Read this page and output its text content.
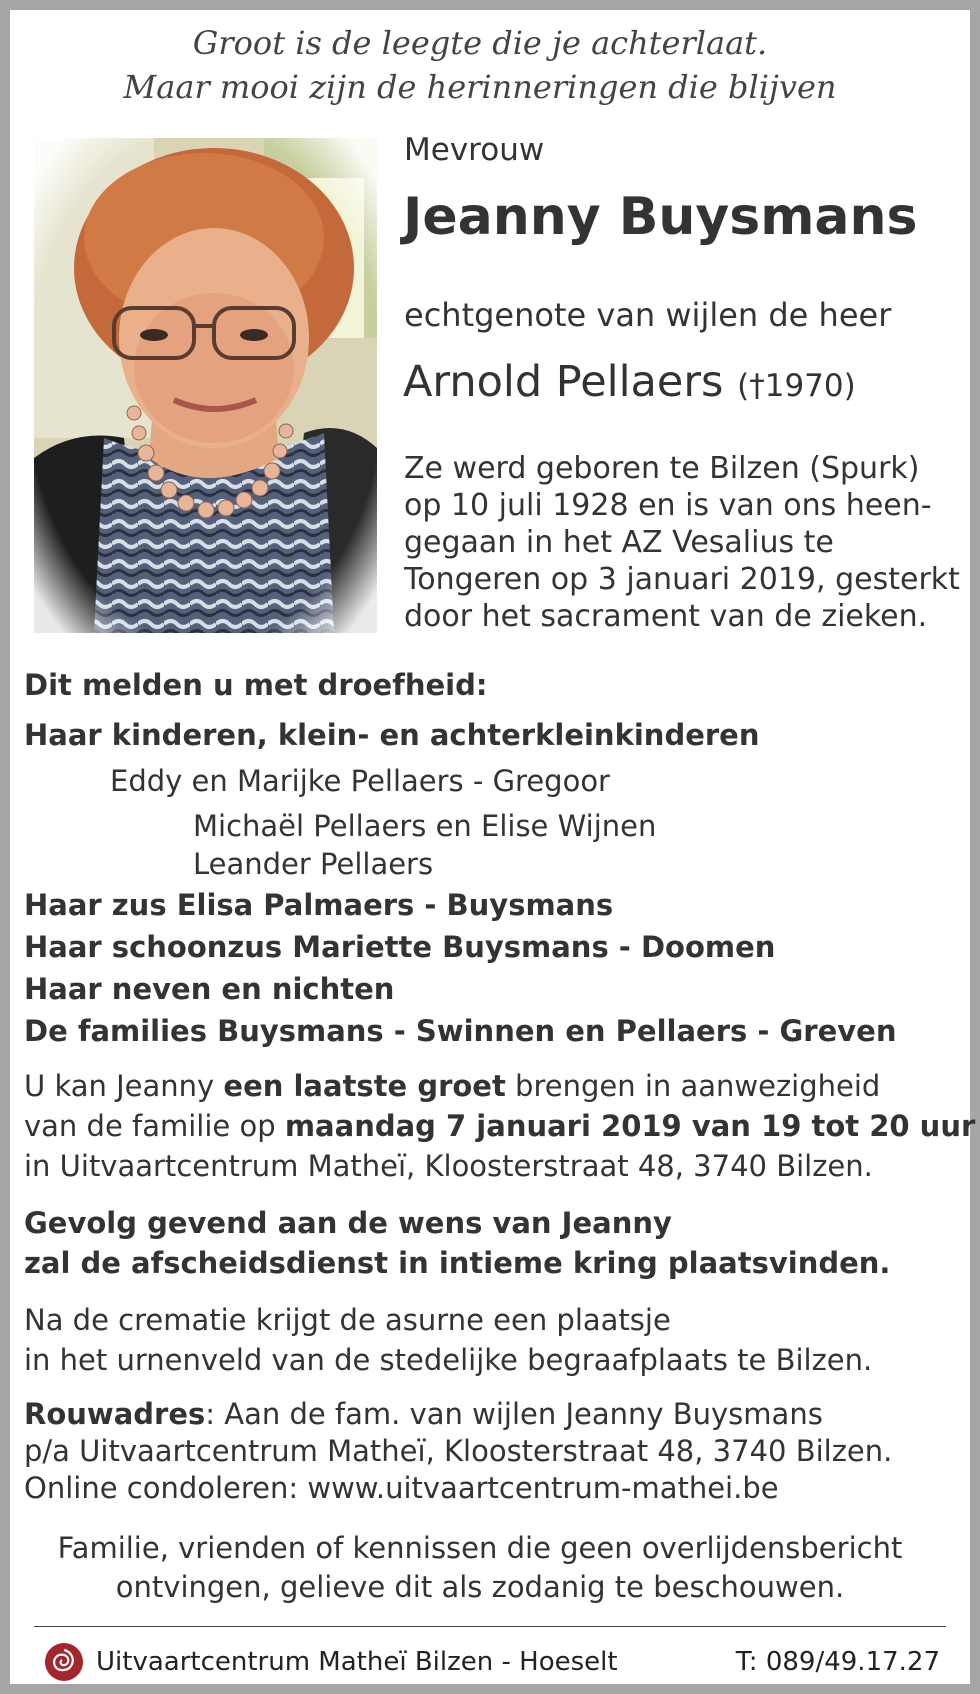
Groot is de leegte die je achterlaat.
Maar mooi zijn de herinneringen die blijven
Mevrouw
Jeanny Buysmans
echtgenote van wijlen de heer
Arnold Pellaers (†1970)
Ze werd geboren te Bilzen (Spurk)
op 10 juli 1928 en is van ons heen-
gegaan in het AZ Vesalius te
Tongeren op 3 januari 2019, gesterkt
door het sacrament van de zieken.
Dit melden u met droefheid:
Haar kinderen, klein- en achterkleinkinderen
Eddy en Marijke Pellaers - Gregoor
Michaël Pellaers en Elise Wijnen
Leander Pellaers
Haar zus Elisa Palmaers - Buysmans
Haar schoonzus Mariette Buysmans - Doomen
Haar neven en nichten
De families Buysmans - Swinnen en Pellaers - Greven
U kan Jeanny een laatste groet brengen in aanwezigheid
van de familie op maandag 7 januari 2019 van 19 tot 20 uur
in Uitvaartcentrum Matheï, Kloosterstraat 48, 3740 Bilzen.
Gevolg gevend aan de wens van Jeanny
zal de afscheidsdienst in intieme kring plaatsvinden.
Na de crematie krijgt de asurne een plaatsje
in het urnenveld van de stedelijke begraafplaats te Bilzen.
Rouwadres: Aan de fam. van wijlen Jeanny Buysmans
p/a Uitvaartcentrum Matheï, Kloosterstraat 48, 3740 Bilzen.
Online condoleren: www.uitvaartcentrum-mathei.be
Familie, vrienden of kennissen die geen overlijdensbericht
ontvingen, gelieve dit als zodanig te beschouwen.
Uitvaartcentrum Matheï Bilzen - Hoeselt	T: 089/49.17.27
